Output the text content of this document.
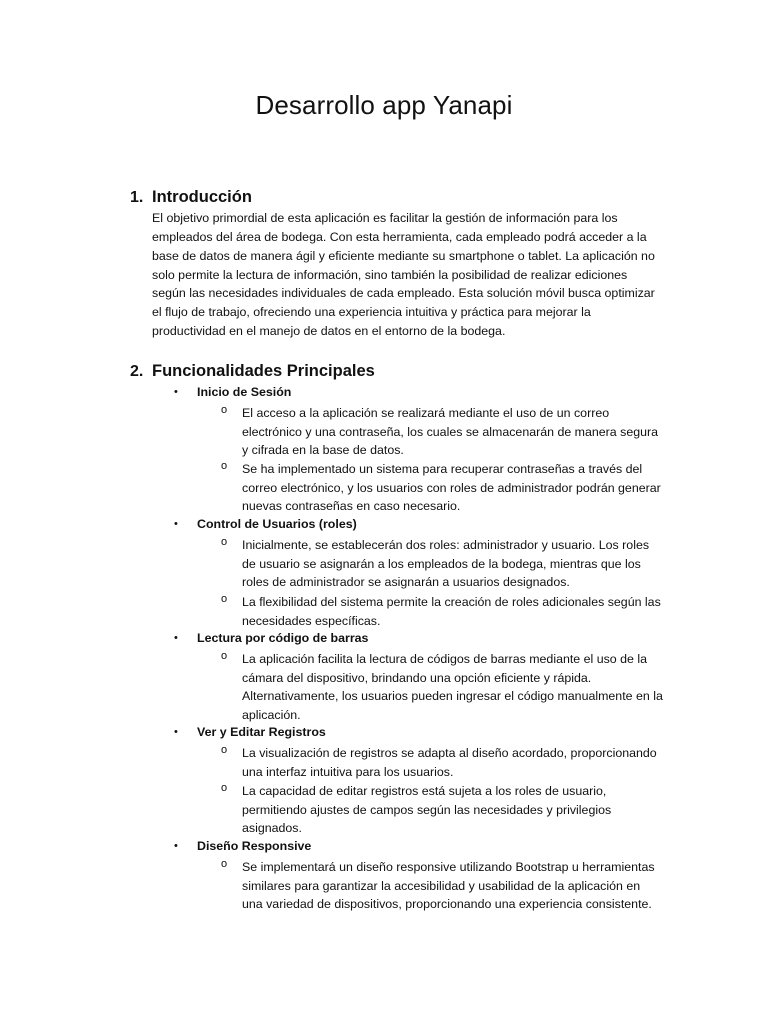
Desarrollo app Yanapi
1. Introducción

El objetivo primordial de esta aplicación es facilitar la gestión de información para los empleados del área de bodega. Con esta herramienta, cada empleado podrá acceder a la base de datos de manera ágil y eficiente mediante su smartphone o tablet. La aplicación no solo permite la lectura de información, sino también la posibilidad de realizar ediciones según las necesidades individuales de cada empleado. Esta solución móvil busca optimizar el flujo de trabajo, ofreciendo una experiencia intuitiva y práctica para mejorar la productividad en el manejo de datos en el entorno de la bodega.

2. Funcionalidades Principales
• Inicio de Sesión
o El acceso a la aplicación se realizará mediante el uso de un correo electrónico y una contraseña, los cuales se almacenarán de manera segura y cifrada en la base de datos.

o Se ha implementado un sistema para recuperar contraseñas a través del correo electrónico, y los usuarios con roles de administrador podrán generar nuevas contraseñas en caso necesario.

• Control de Usuarios (roles)
o Inicialmente, se establecerán dos roles: administrador y usuario. Los roles de usuario se asignarán a los empleados de la bodega, mientras que los roles de administrador se asignarán a usuarios designados.

o La flexibilidad del sistema permite la creación de roles adicionales según las necesidades específicas.

• Lectura por código de barras
o La aplicación facilita la lectura de códigos de barras mediante el uso de la cámara del dispositivo, brindando una opción eficiente y rápida. Alternativamente, los usuarios pueden ingresar el código manualmente en la aplicación.

• Ver y Editar Registros
o La visualización de registros se adapta al diseño acordado, proporcionando una interfaz intuitiva para los usuarios.

o La capacidad de editar registros está sujeta a los roles de usuario, permitiendo ajustes de campos según las necesidades y privilegios asignados.

• Diseño Responsive
o Se implementará un diseño responsive utilizando Bootstrap u herramientas similares para garantizar la accesibilidad y usabilidad de la aplicación en una variedad de dispositivos, proporcionando una experiencia consistente.
